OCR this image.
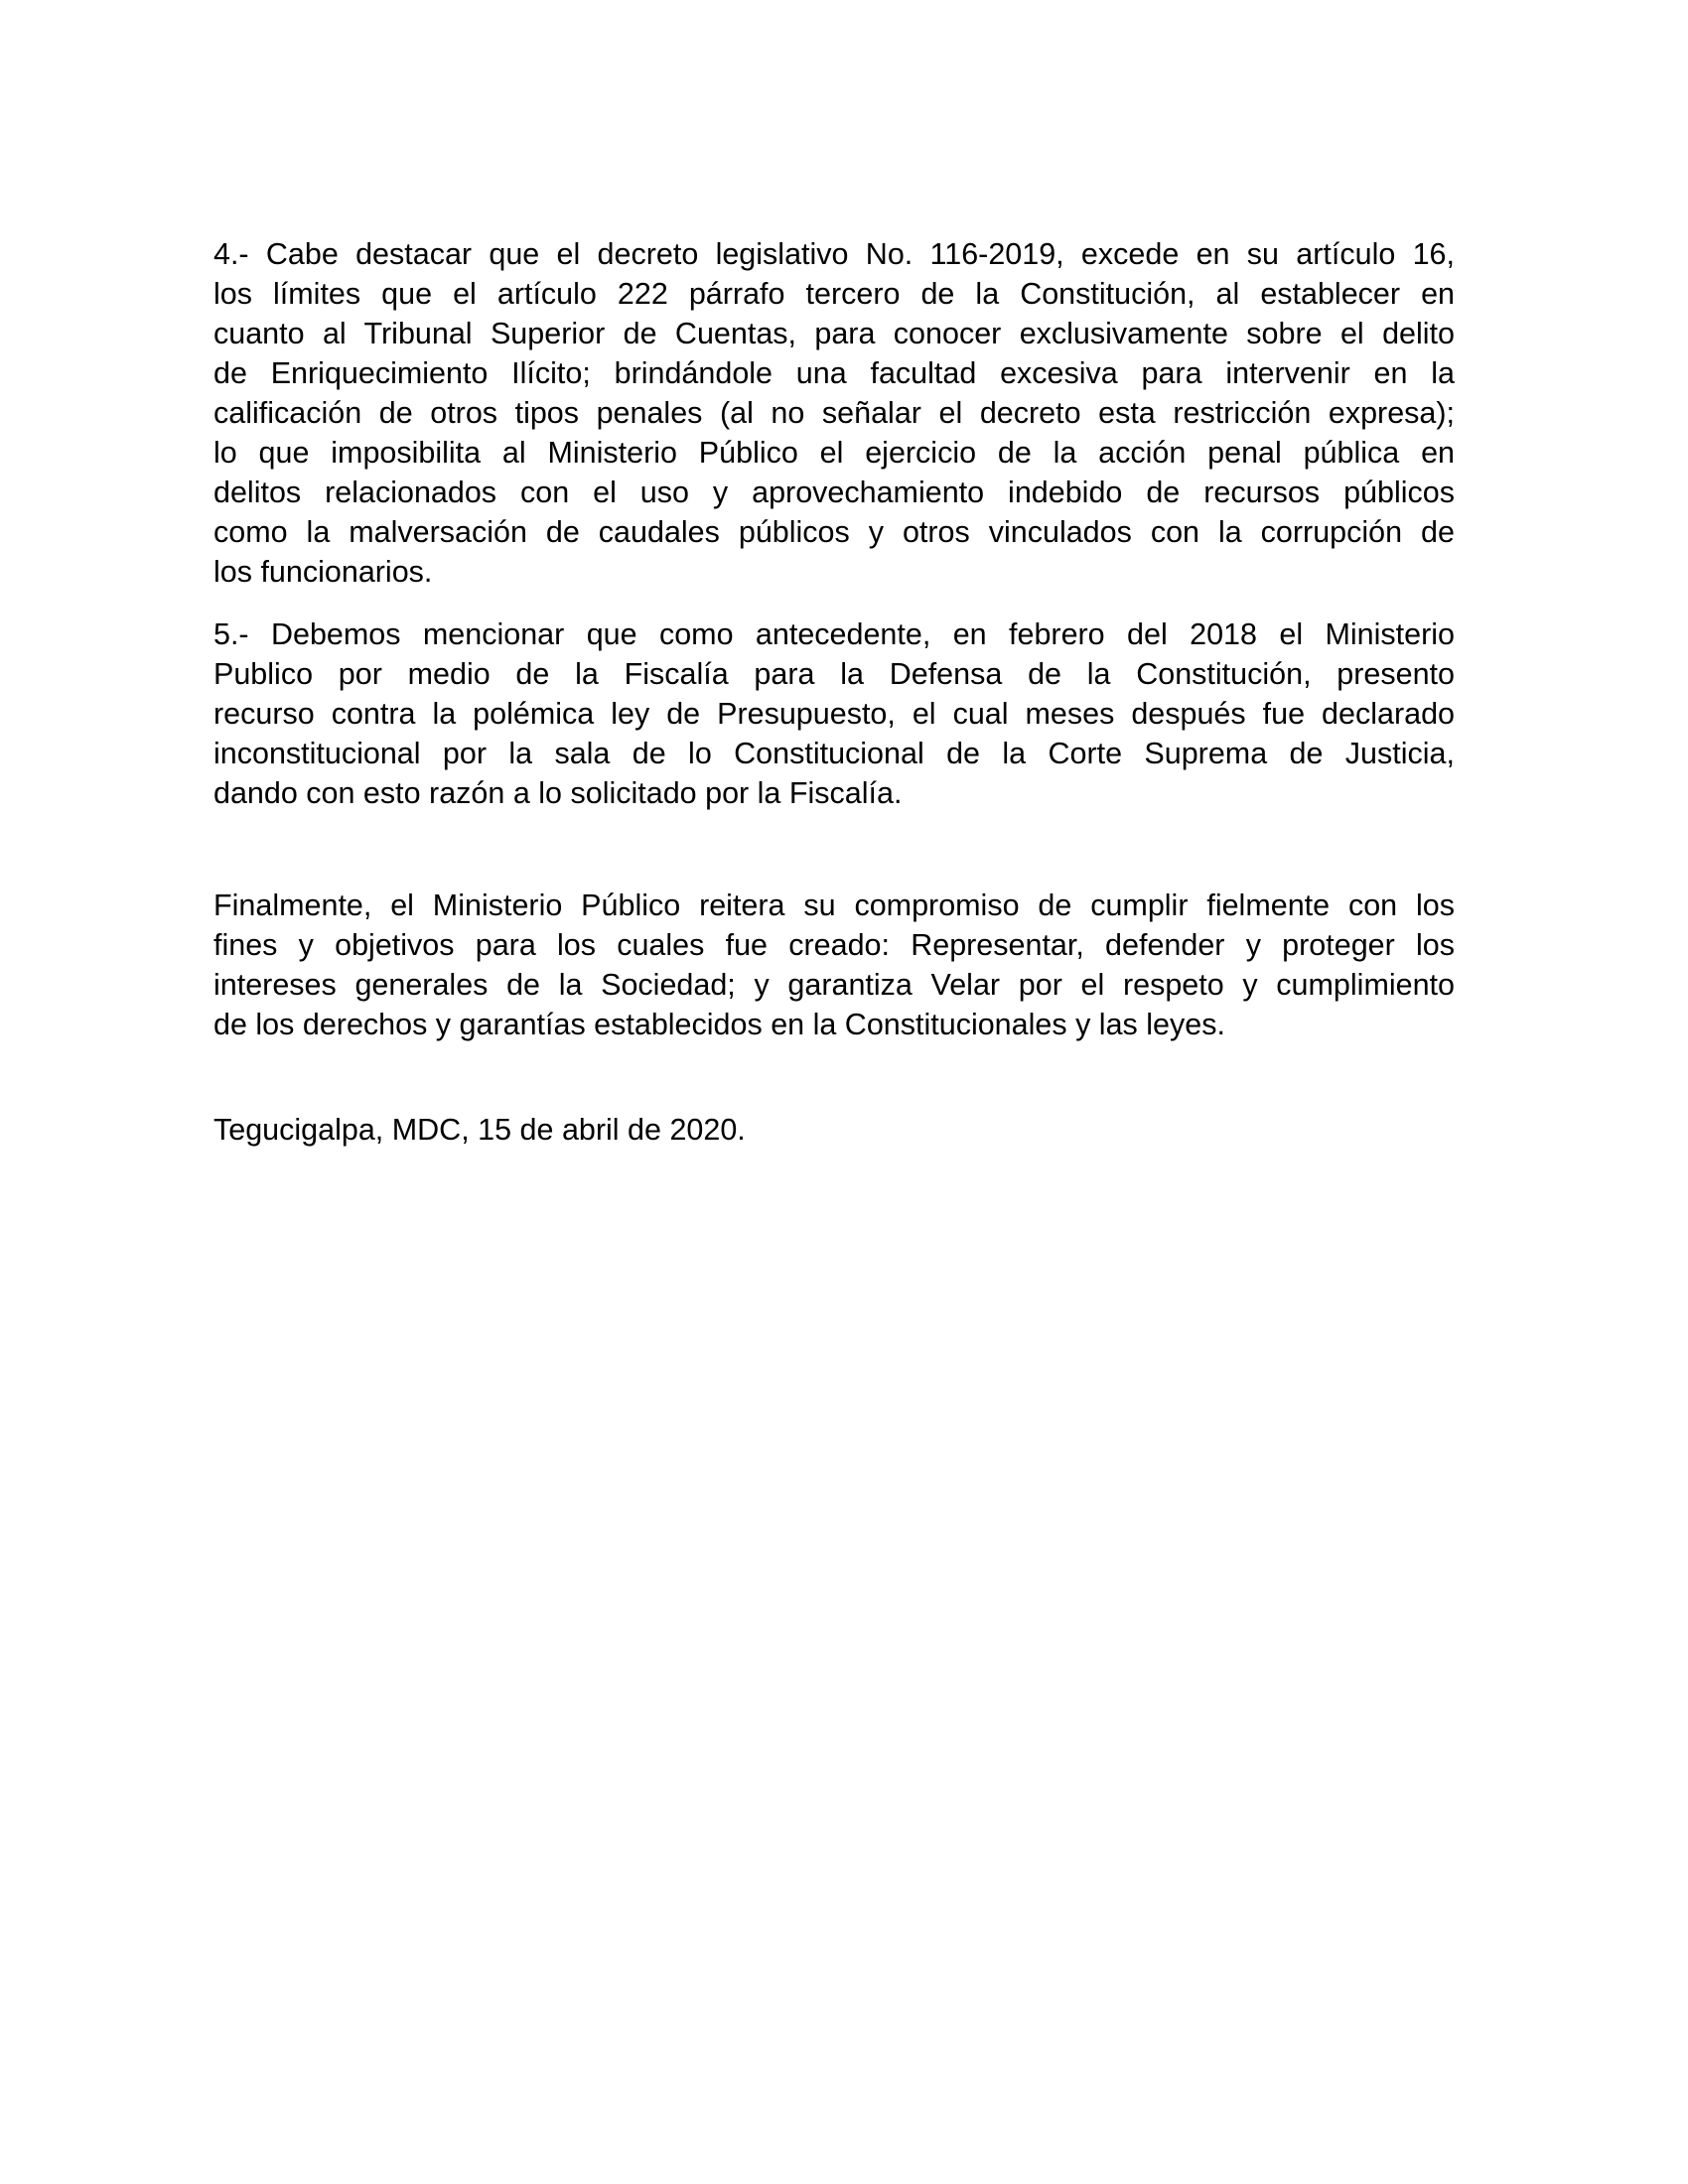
4.- Cabe destacar que el decreto legislativo No. 116-2019, excede en su artículo 16,
los límites que el artículo 222 párrafo tercero de la Constitución, al establecer en
cuanto al Tribunal Superior de Cuentas, para conocer exclusivamente sobre el delito
de Enriquecimiento Ilícito; brindándole una facultad excesiva para intervenir en la
calificación de otros tipos penales (al no señalar el decreto esta restricción expresa);
lo que imposibilita al Ministerio Público el ejercicio de la acción penal pública en
delitos relacionados con el uso y aprovechamiento indebido de recursos públicos
como la malversación de caudales públicos y otros vinculados con la corrupción de
los funcionarios.
5.- Debemos mencionar que como antecedente, en febrero del 2018 el Ministerio
Publico por medio de la Fiscalía para la Defensa de la Constitución, presento
recurso contra la polémica ley de Presupuesto, el cual meses después fue declarado
inconstitucional por la sala de lo Constitucional de la Corte Suprema de Justicia,
dando con esto razón a lo solicitado por la Fiscalía.
Finalmente, el Ministerio Público reitera su compromiso de cumplir fielmente con los
fines y objetivos para los cuales fue creado: Representar, defender y proteger los
intereses generales de la Sociedad; y garantiza Velar por el respeto y cumplimiento
de los derechos y garantías establecidos en la Constitucionales y las leyes.

Tegucigalpa, MDC, 15 de abril de 2020.
